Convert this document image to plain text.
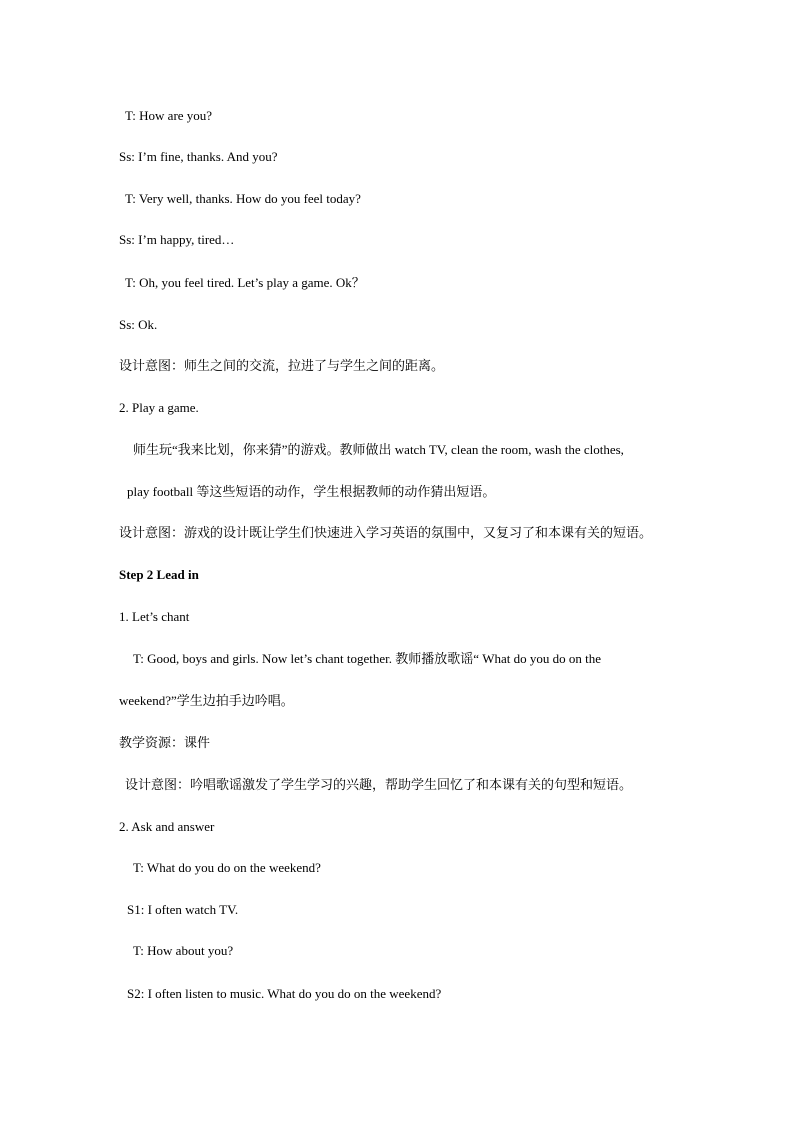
T: How are you?
Ss: I’m fine, thanks. And you?
T: Very well, thanks. How do you feel today?
Ss: I’m happy, tired…
T: Oh, you feel tired. Let’s play a game. Ok？
Ss: Ok.
设计意图：师生之间的交流，拉进了与学生之间的距离。
2. Play a game.
师生玩“我来比划，你来猜”的游戏。教师做出 watch TV, clean the room, wash the clothes,
play football 等这些短语的动作，学生根据教师的动作猜出短语。
设计意图：游戏的设计既让学生们快速进入学习英语的氛围中，又复习了和本课有关的短语。
Step 2 Lead in
1. Let’s chant
T: Good, boys and girls. Now let’s chant together. 教师播放歌谣“ What do you do on the
weekend?”学生边拍手边吟唱。
教学资源：课件
设计意图：吟唱歌谣激发了学生学习的兴趣，帮助学生回忆了和本课有关的句型和短语。
2. Ask and answer
T: What do you do on the weekend?
S1: I often watch TV.
T: How about you?
S2: I often listen to music. What do you do on the weekend?
